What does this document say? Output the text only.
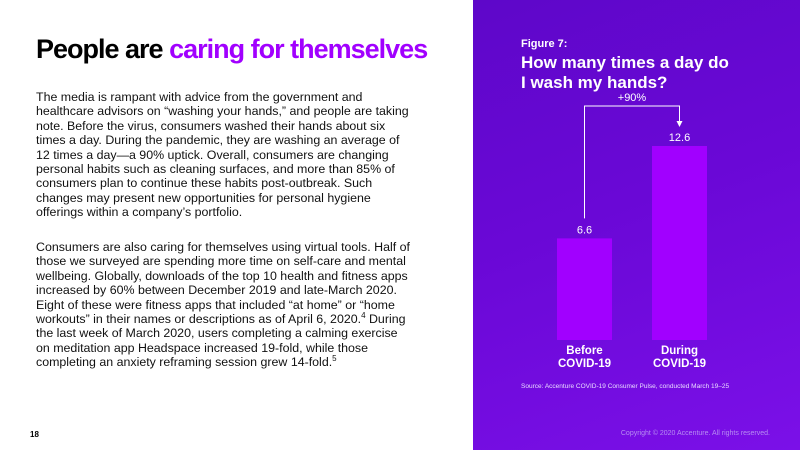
People are caring for themselves

The media is rampant with advice from the government and healthcare advisors on “washing your hands,” and people are taking note. Before the virus, consumers washed their hands about six times a day. During the pandemic, they are washing an average of 12 times a day—a 90% uptick. Overall, consumers are changing personal habits such as cleaning surfaces, and more than 85% of consumers plan to continue these habits post-outbreak. Such changes may present new opportunities for personal hygiene offerings within a company’s portfolio.

Consumers are also caring for themselves using virtual tools. Half of those we surveyed are spending more time on self-care and mental wellbeing. Globally, downloads of the top 10 health and fitness apps increased by 60% between December 2019 and late-March 2020. Eight of these were fitness apps that included “at home” or “home workouts” in their names or descriptions as of April 6, 2020.$^4$ During the last week of March 2020, users completing a calming exercise on meditation app Headspace increased 19-fold, while those completing an anxiety reframing session grew 14-fold.$^5$

18
Figure 7:
How many times a day do
I wash my hands?
6.6
Before
COVID-19
12.6
During
COVID-19
+90%
Source: Accenture COVID-19 Consumer Pulse, conducted March 19–25
Copyright © 2020 Accenture. All rights reserved.
